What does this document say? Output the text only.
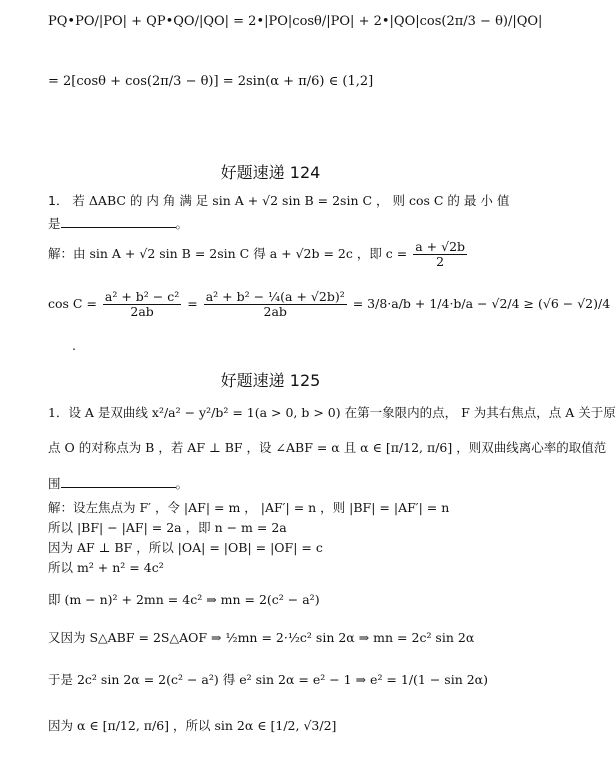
PQ•PO/|PO| + QP•QO/|QO| = 2•|PO|cosθ/|PO| + 2•|QO|cos(2π/3 − θ)/|QO|
= 2[cosθ + cos(2π/3 − θ)] = 2sin(α + π/6) ∈ (1,2]
好题速递 124
1． 若 ΔABC 的 内 角 满 足 sin A + √2 sin B = 2sin C ， 则 cos C 的 最 小 值
是	。
解：由 sin A + √2 sin B = 2sin C 得 a + √2b = 2c ，即 $c = \frac{a + √2b}{2}$
$\cos C = \frac{\text{a² + b² − c²}}{2ab} = \frac{\text{a² + b² − ¼(a + √2b)²}}{2ab} = 3/8\cdot a/b + 1/4\cdot b/a - √2/4 \ge (√6 - √2)/4$
.
好题速递 125
1．设 A 是双曲线 x²/a² − y²/b² = 1(a > 0, b > 0) 在第一象限内的点， F 为其右焦点，点 A 关于原
点 O 的对称点为 B ，若 AF ⊥ BF ，设 ∠ABF = α 且 α ∈ [π/12, π/6] ，则双曲线离心率的取值范
围	。
解：设左焦点为 F′ ，令 |AF| = m ， |AF′| = n ，则 |BF| = |AF′| = n
所以 |BF| − |AF| = 2a ，即 n − m = 2a
因为 AF ⊥ BF ，所以 |OA| = |OB| = |OF| = c
所以 m² + n² = 4c²
即 (m − n)² + 2mn = 4c² ⇒ mn = 2(c² − a²)
又因为 S△ABF = 2S△AOF ⇒ ½mn = 2·½c² sin 2α ⇒ mn = 2c² sin 2α
于是 2c² sin 2α = 2(c² − a²) 得 e² sin 2α = e² − 1 ⇒ e² = 1/(1 − sin 2α)
因为 α ∈ [π/12, π/6] ，所以 sin 2α ∈ [1/2, √3/2]
